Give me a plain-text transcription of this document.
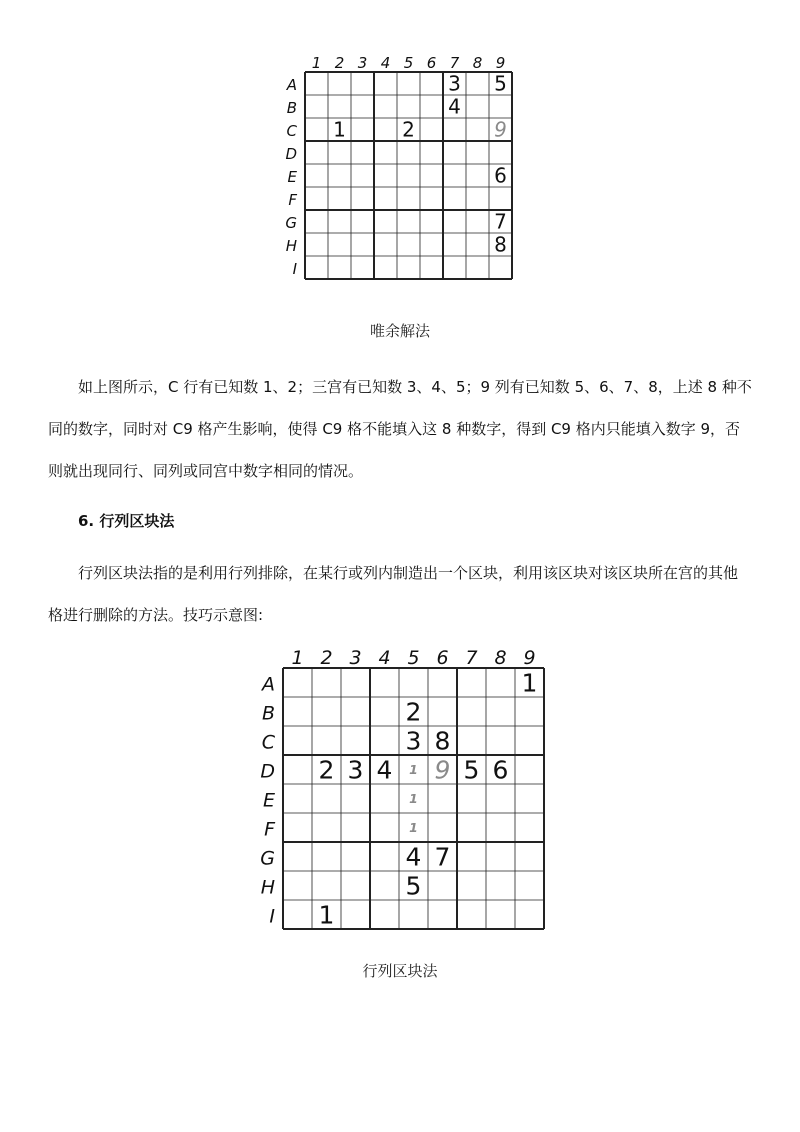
1 2 3 4 5 6 7 8 9
A
B
C
D
E
F
G
H
I
3 5
4
1	2	9
6
7
8
唯余解法

如上图所示，C 行有已知数 1、2；三宫有已知数 3、4、5；9 列有已知数 5、6、7、8，上述 8 种不同的数字，同时对 C9 格产生影响，使得 C9 格不能填入这 8 种数字，得到 C9 格内只能填入数字 9，否则就出现同行、同列或同宫中数字相同的情况。

6. 行列区块法

行列区块法指的是利用行列排除，在某行或列内制造出一个区块，利用该区块对该区块所在宫的其他格进行删除的方法。技巧示意图:

1 2 3 4 5 6 7 8 9
A
B
C
D
E
F
G
H
I
1
2
3 8
2 3 4 1 9 5 6
1
1
4 7
5
1
行列区块法
